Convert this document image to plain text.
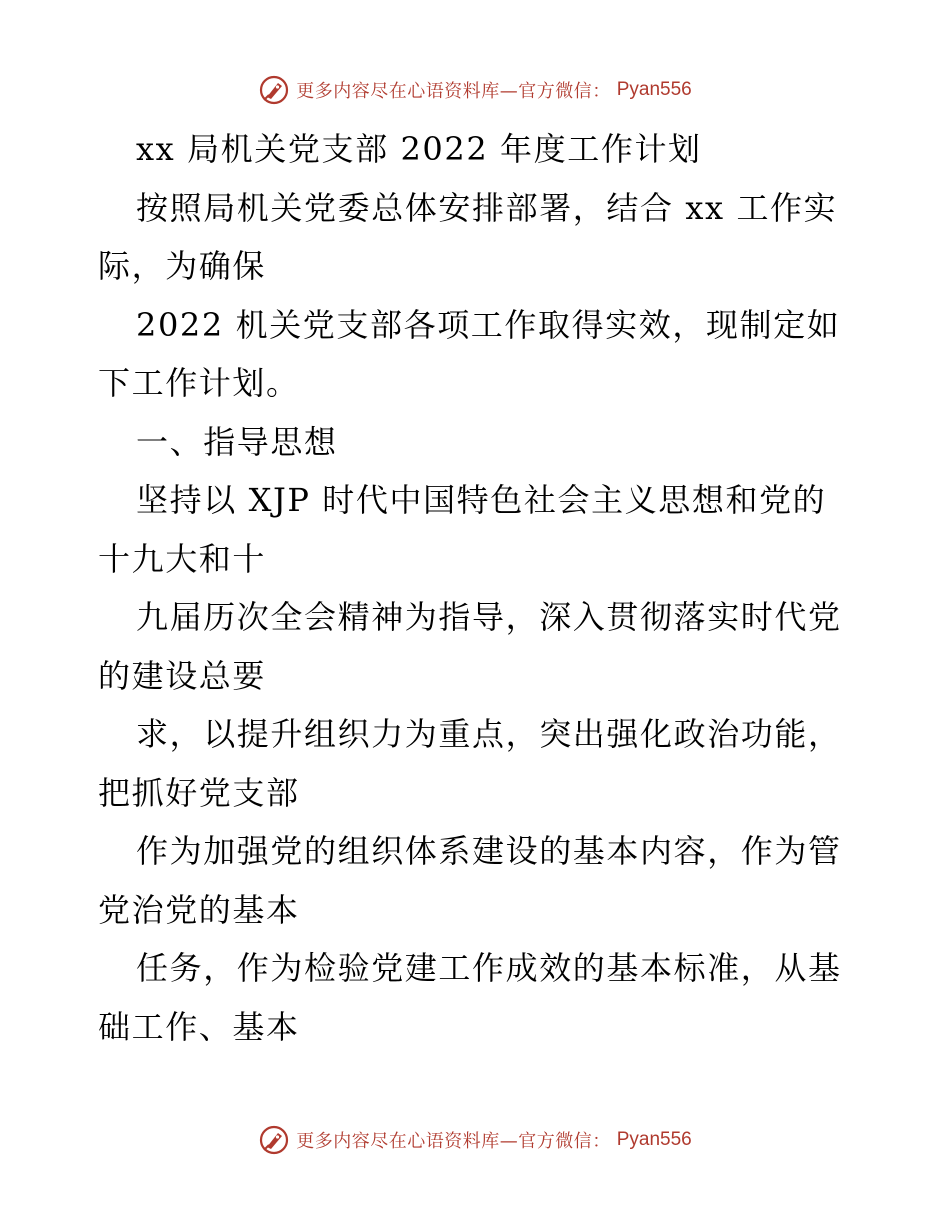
更多内容尽在心语资料库—官方微信： Pyan556
xx 局机关党支部 2022 年度工作计划
按照局机关党委总体安排部署，结合 xx 工作实
际，为确保
2022 机关党支部各项工作取得实效，现制定如
下工作计划。
一、指导思想
坚持以 XJP 时代中国特色社会主义思想和党的
十九大和十
九届历次全会精神为指导，深入贯彻落实时代党
的建设总要
求，以提升组织力为重点，突出强化政治功能，
把抓好党支部
作为加强党的组织体系建设的基本内容，作为管
党治党的基本
任务，作为检验党建工作成效的基本标准，从基
础工作、基本
更多内容尽在心语资料库—官方微信： Pyan556
